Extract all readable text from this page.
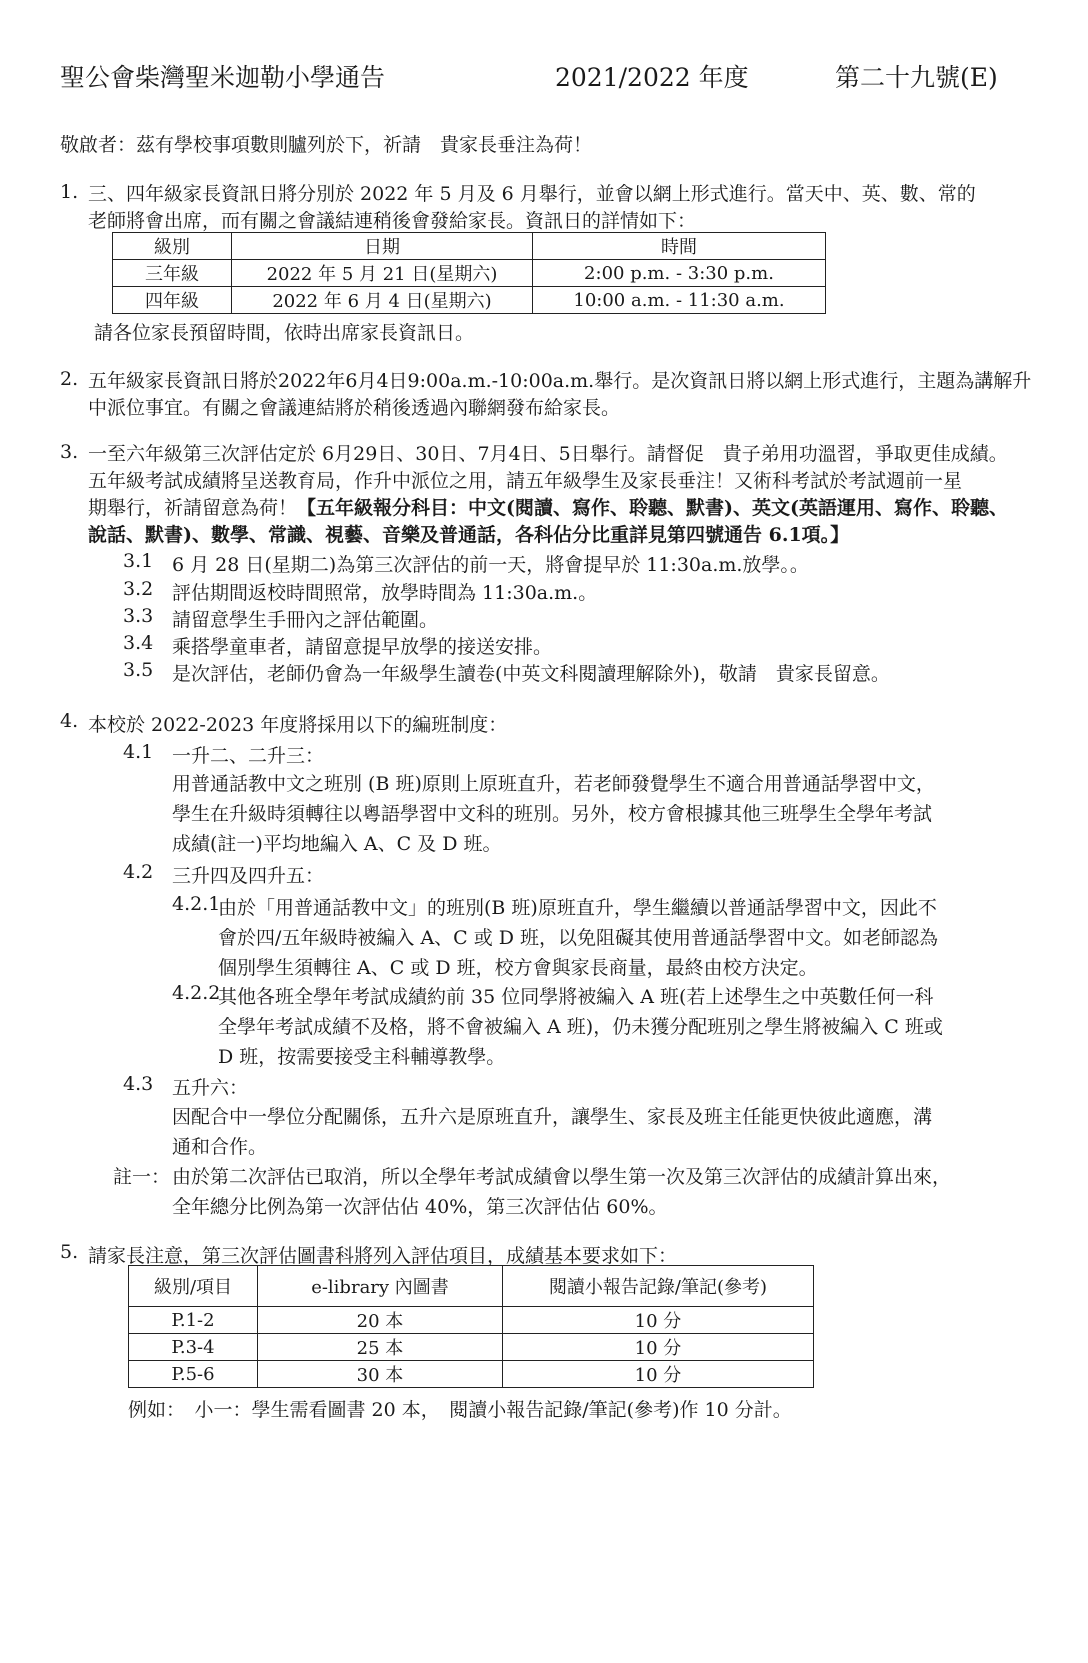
聖公會柴灣聖米迦勒小學通告	2021/2022 年度	第二十九號(E)
敬啟者：茲有學校事項數則臚列於下，祈請　貴家長垂注為荷！
1. 三、四年級家長資訊日將分別於 2022 年 5 月及 6 月舉行，並會以網上形式進行。當天中、英、數、常的
老師將會出席，而有關之會議結連稍後會發給家長。資訊日的詳情如下：
級別	日期	時間
三年級	2022 年 5 月 21 日(星期六)	2:00 p.m. - 3:30 p.m.
四年級	2022 年 6 月 4 日(星期六)	10:00 a.m. - 11:30 a.m.
請各位家長預留時間，依時出席家長資訊日。
2. 五年級家長資訊日將於2022年6月4日9:00a.m.-10:00a.m.舉行。是次資訊日將以網上形式進行，主題為講解升
中派位事宜。有關之會議連結將於稍後透過內聯網發布給家長。
3. 一至六年級第三次評估定於 6月29日、30日、7月4日、5日舉行。請督促　貴子弟用功溫習，爭取更佳成績。
五年級考試成績將呈送教育局，作升中派位之用，請五年級學生及家長垂注！又術科考試於考試週前一星
期舉行，祈請留意為荷！【五年級報分科目：中文(閱讀、寫作、聆聽、默書)、英文(英語運用、寫作、聆聽、
說話、默書)、數學、常識、視藝、音樂及普通話，各科佔分比重詳見第四號通告 6.1項。】
3.1 6 月 28 日(星期二)為第三次評估的前一天，將會提早於 11:30a.m.放學。。
3.2 評估期間返校時間照常，放學時間為 11:30a.m.。
3.3 請留意學生手冊內之評估範圍。
3.4 乘搭學童車者，請留意提早放學的接送安排。
3.5 是次評估，老師仍會為一年級學生讀卷(中英文科閱讀理解除外)，敬請　貴家長留意。
4. 本校於 2022-2023 年度將採用以下的編班制度：
4.1 一升二、二升三：
用普通話教中文之班別 (B 班)原則上原班直升，若老師發覺學生不適合用普通話學習中文，
學生在升級時須轉往以粵語學習中文科的班別。另外，校方會根據其他三班學生全學年考試
成績(註一)平均地編入 A、C 及 D 班。
4.2 三升四及四升五：
4.2.1
由於「用普通話教中文」的班別(B 班)原班直升，學生繼續以普通話學習中文，因此不
會於四/五年級時被編入 A、C 或 D 班，以免阻礙其使用普通話學習中文。如老師認為
個別學生須轉往 A、C 或 D 班，校方會與家長商量，最終由校方決定。
4.2.2
其他各班全學年考試成績約前 35 位同學將被編入 A 班(若上述學生之中英數任何一科
全學年考試成績不及格，將不會被編入 A 班)，仍未獲分配班別之學生將被編入 C 班或
D 班，按需要接受主科輔導教學。
4.3 五升六：
因配合中一學位分配關係，五升六是原班直升，讓學生、家長及班主任能更快彼此適應，溝
通和合作。
註一： 由於第二次評估已取消，所以全學年考試成績會以學生第一次及第三次評估的成績計算出來，
全年總分比例為第一次評估佔 40%，第三次評估佔 60%。
5. 請家長注意，第三次評估圖書科將列入評估項目，成績基本要求如下：
級別/項目	e-library 內圖書	閱讀小報告記錄/筆記(參考)
P.1-2	20 本	10 分
P.3-4	25 本	10 分
P.5-6	30 本	10 分
例如：　小一：學生需看圖書 20 本，　閱讀小報告記錄/筆記(參考)作 10 分計。
